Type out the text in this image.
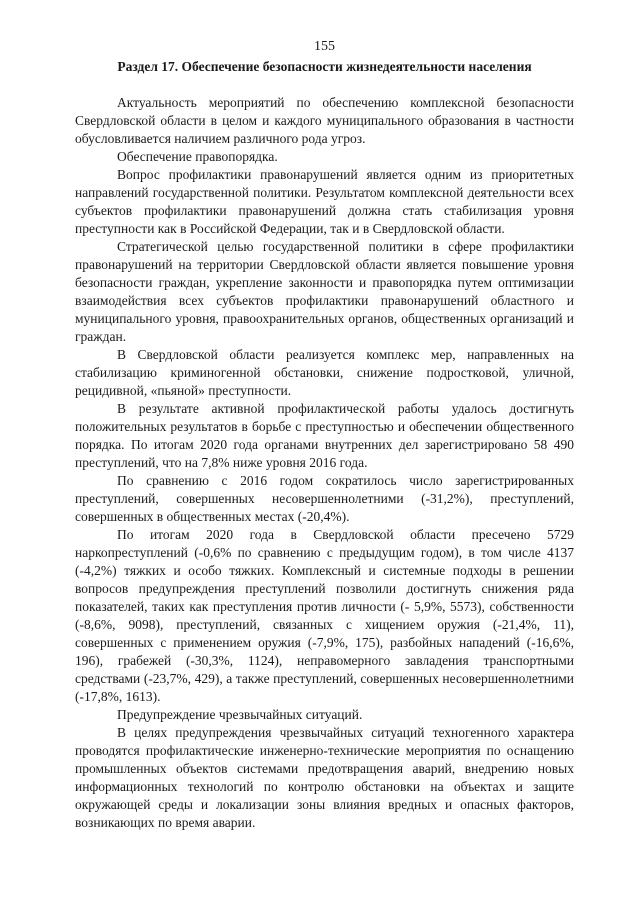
155
Раздел 17. Обеспечение безопасности жизнедеятельности населения

Актуальность мероприятий по обеспечению комплексной безопасности Свердловской области в целом и каждого муниципального образования в частности обусловливается наличием различного рода угроз.

Обеспечение правопорядка.

Вопрос профилактики правонарушений является одним из приоритетных направлений государственной политики. Результатом комплексной деятельности всех субъектов профилактики правонарушений должна стать стабилизация уровня преступности как в Российской Федерации, так и в Свердловской области.

Стратегической целью государственной политики в сфере профилактики правонарушений на территории Свердловской области является повышение уровня безопасности граждан, укрепление законности и правопорядка путем оптимизации взаимодействия всех субъектов профилактики правонарушений областного и муниципального уровня, правоохранительных органов, общественных организаций и граждан.

В Свердловской области реализуется комплекс мер, направленных на стабилизацию криминогенной обстановки, снижение подростковой, уличной, рецидивной, «пьяной» преступности.

В результате активной профилактической работы удалось достигнуть положительных результатов в борьбе с преступностью и обеспечении общественного порядка. По итогам 2020 года органами внутренних дел зарегистрировано 58 490 преступлений, что на 7,8% ниже уровня 2016 года.

По сравнению с 2016 годом сократилось число зарегистрированных преступлений, совершенных несовершеннолетними (-31,2%), преступлений, совершенных в общественных местах (-20,4%).

По итогам 2020 года в Свердловской области пресечено 5729 наркопреступлений (-0,6% по сравнению с предыдущим годом), в том числе 4137 (-4,2%) тяжких и особо тяжких. Комплексный и системные подходы в решении вопросов предупреждения преступлений позволили достигнуть снижения ряда показателей, таких как преступления против личности (- 5,9%, 5573), собственности (-8,6%, 9098), преступлений, связанных с хищением оружия (-21,4%, 11), совершенных с применением оружия (-7,9%, 175), разбойных нападений (-16,6%, 196), грабежей (-30,3%, 1124), неправомерного завладения транспортными средствами (-23,7%, 429), а также преступлений, совершенных несовершеннолетними (-17,8%, 1613).

Предупреждение чрезвычайных ситуаций.

В целях предупреждения чрезвычайных ситуаций техногенного характера проводятся профилактические инженерно-технические мероприятия по оснащению промышленных объектов системами предотвращения аварий, внедрению новых информационных технологий по контролю обстановки на объектах и защите окружающей среды и локализации зоны влияния вредных и опасных факторов, возникающих по время аварии.
